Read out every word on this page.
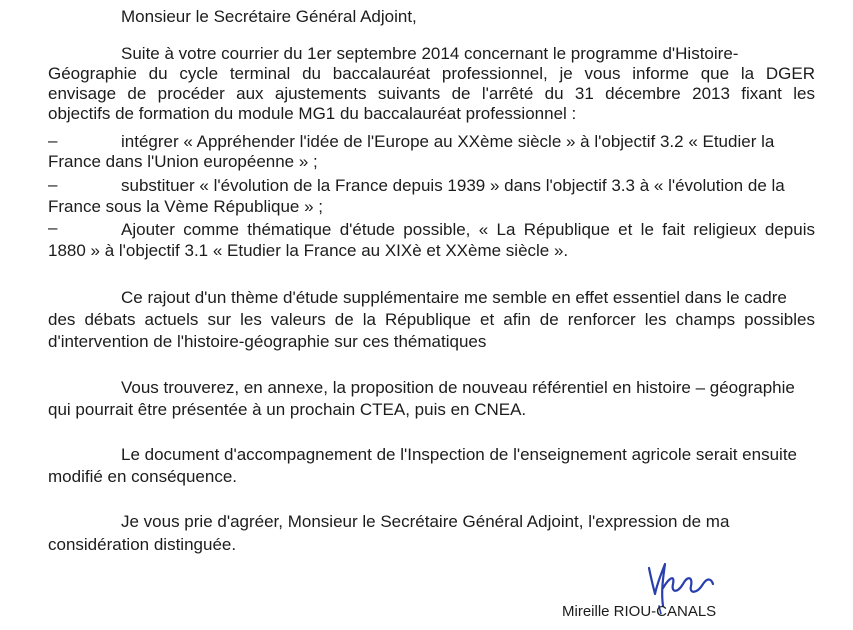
Monsieur le Secrétaire Général Adjoint,
Suite à votre courrier du 1er septembre 2014 concernant le programme d'Histoire-
Géographie du cycle terminal du baccalauréat professionnel, je vous informe que la DGER
envisage de procéder aux ajustements suivants de l'arrêté du 31 décembre 2013 fixant les
objectifs de formation du module MG1 du baccalauréat professionnel :
–	intégrer « Appréhender l'idée de l'Europe au XXème siècle » à l'objectif 3.2 « Etudier la
France dans l'Union européenne » ;
–	substituer « l'évolution de la France depuis 1939 » dans l'objectif 3.3 à « l'évolution de la
France sous la Vème République » ;
–	Ajouter comme thématique d'étude possible, « La République et le fait religieux depuis
1880 » à l'objectif 3.1 « Etudier la France au XIXè et XXème siècle ».
Ce rajout d'un thème d'étude supplémentaire me semble en effet essentiel dans le cadre
des débats actuels sur les valeurs de la République et afin de renforcer les champs possibles
d'intervention de l'histoire-géographie sur ces thématiques
Vous trouverez, en annexe, la proposition de nouveau référentiel en histoire – géographie
qui pourrait être présentée à un prochain CTEA, puis en CNEA.
Le document d'accompagnement de l'Inspection de l'enseignement agricole serait ensuite
modifié en conséquence.
Je vous prie d'agréer, Monsieur le Secrétaire Général Adjoint, l'expression de ma
considération distinguée.
Mireille RIOU-CANALS
